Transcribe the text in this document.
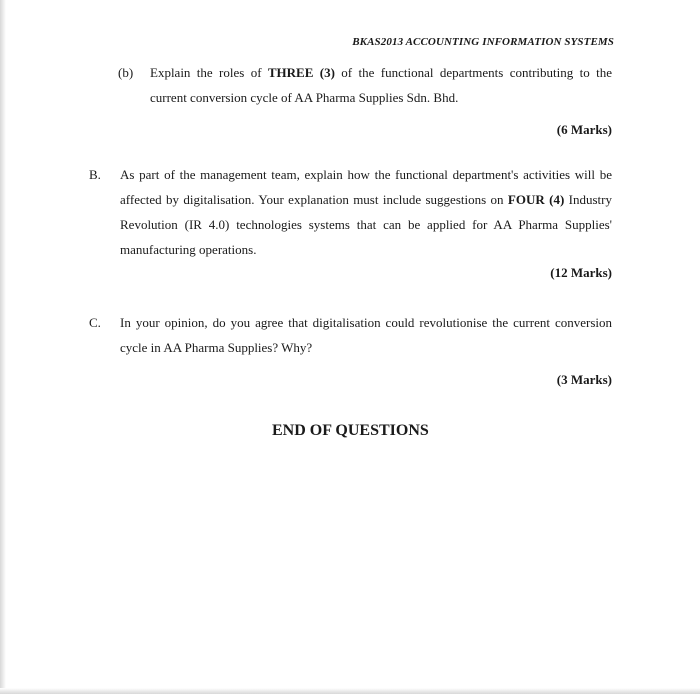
BKAS2013 ACCOUNTING INFORMATION SYSTEMS
(b) Explain the roles of THREE (3) of the functional departments contributing to the current conversion cycle of AA Pharma Supplies Sdn. Bhd.
(6 Marks)
B. As part of the management team, explain how the functional department's activities will be affected by digitalisation. Your explanation must include suggestions on FOUR (4) Industry Revolution (IR 4.0) technologies systems that can be applied for AA Pharma Supplies' manufacturing operations.
(12 Marks)
C. In your opinion, do you agree that digitalisation could revolutionise the current conversion cycle in AA Pharma Supplies? Why?
(3 Marks)
END OF QUESTIONS
